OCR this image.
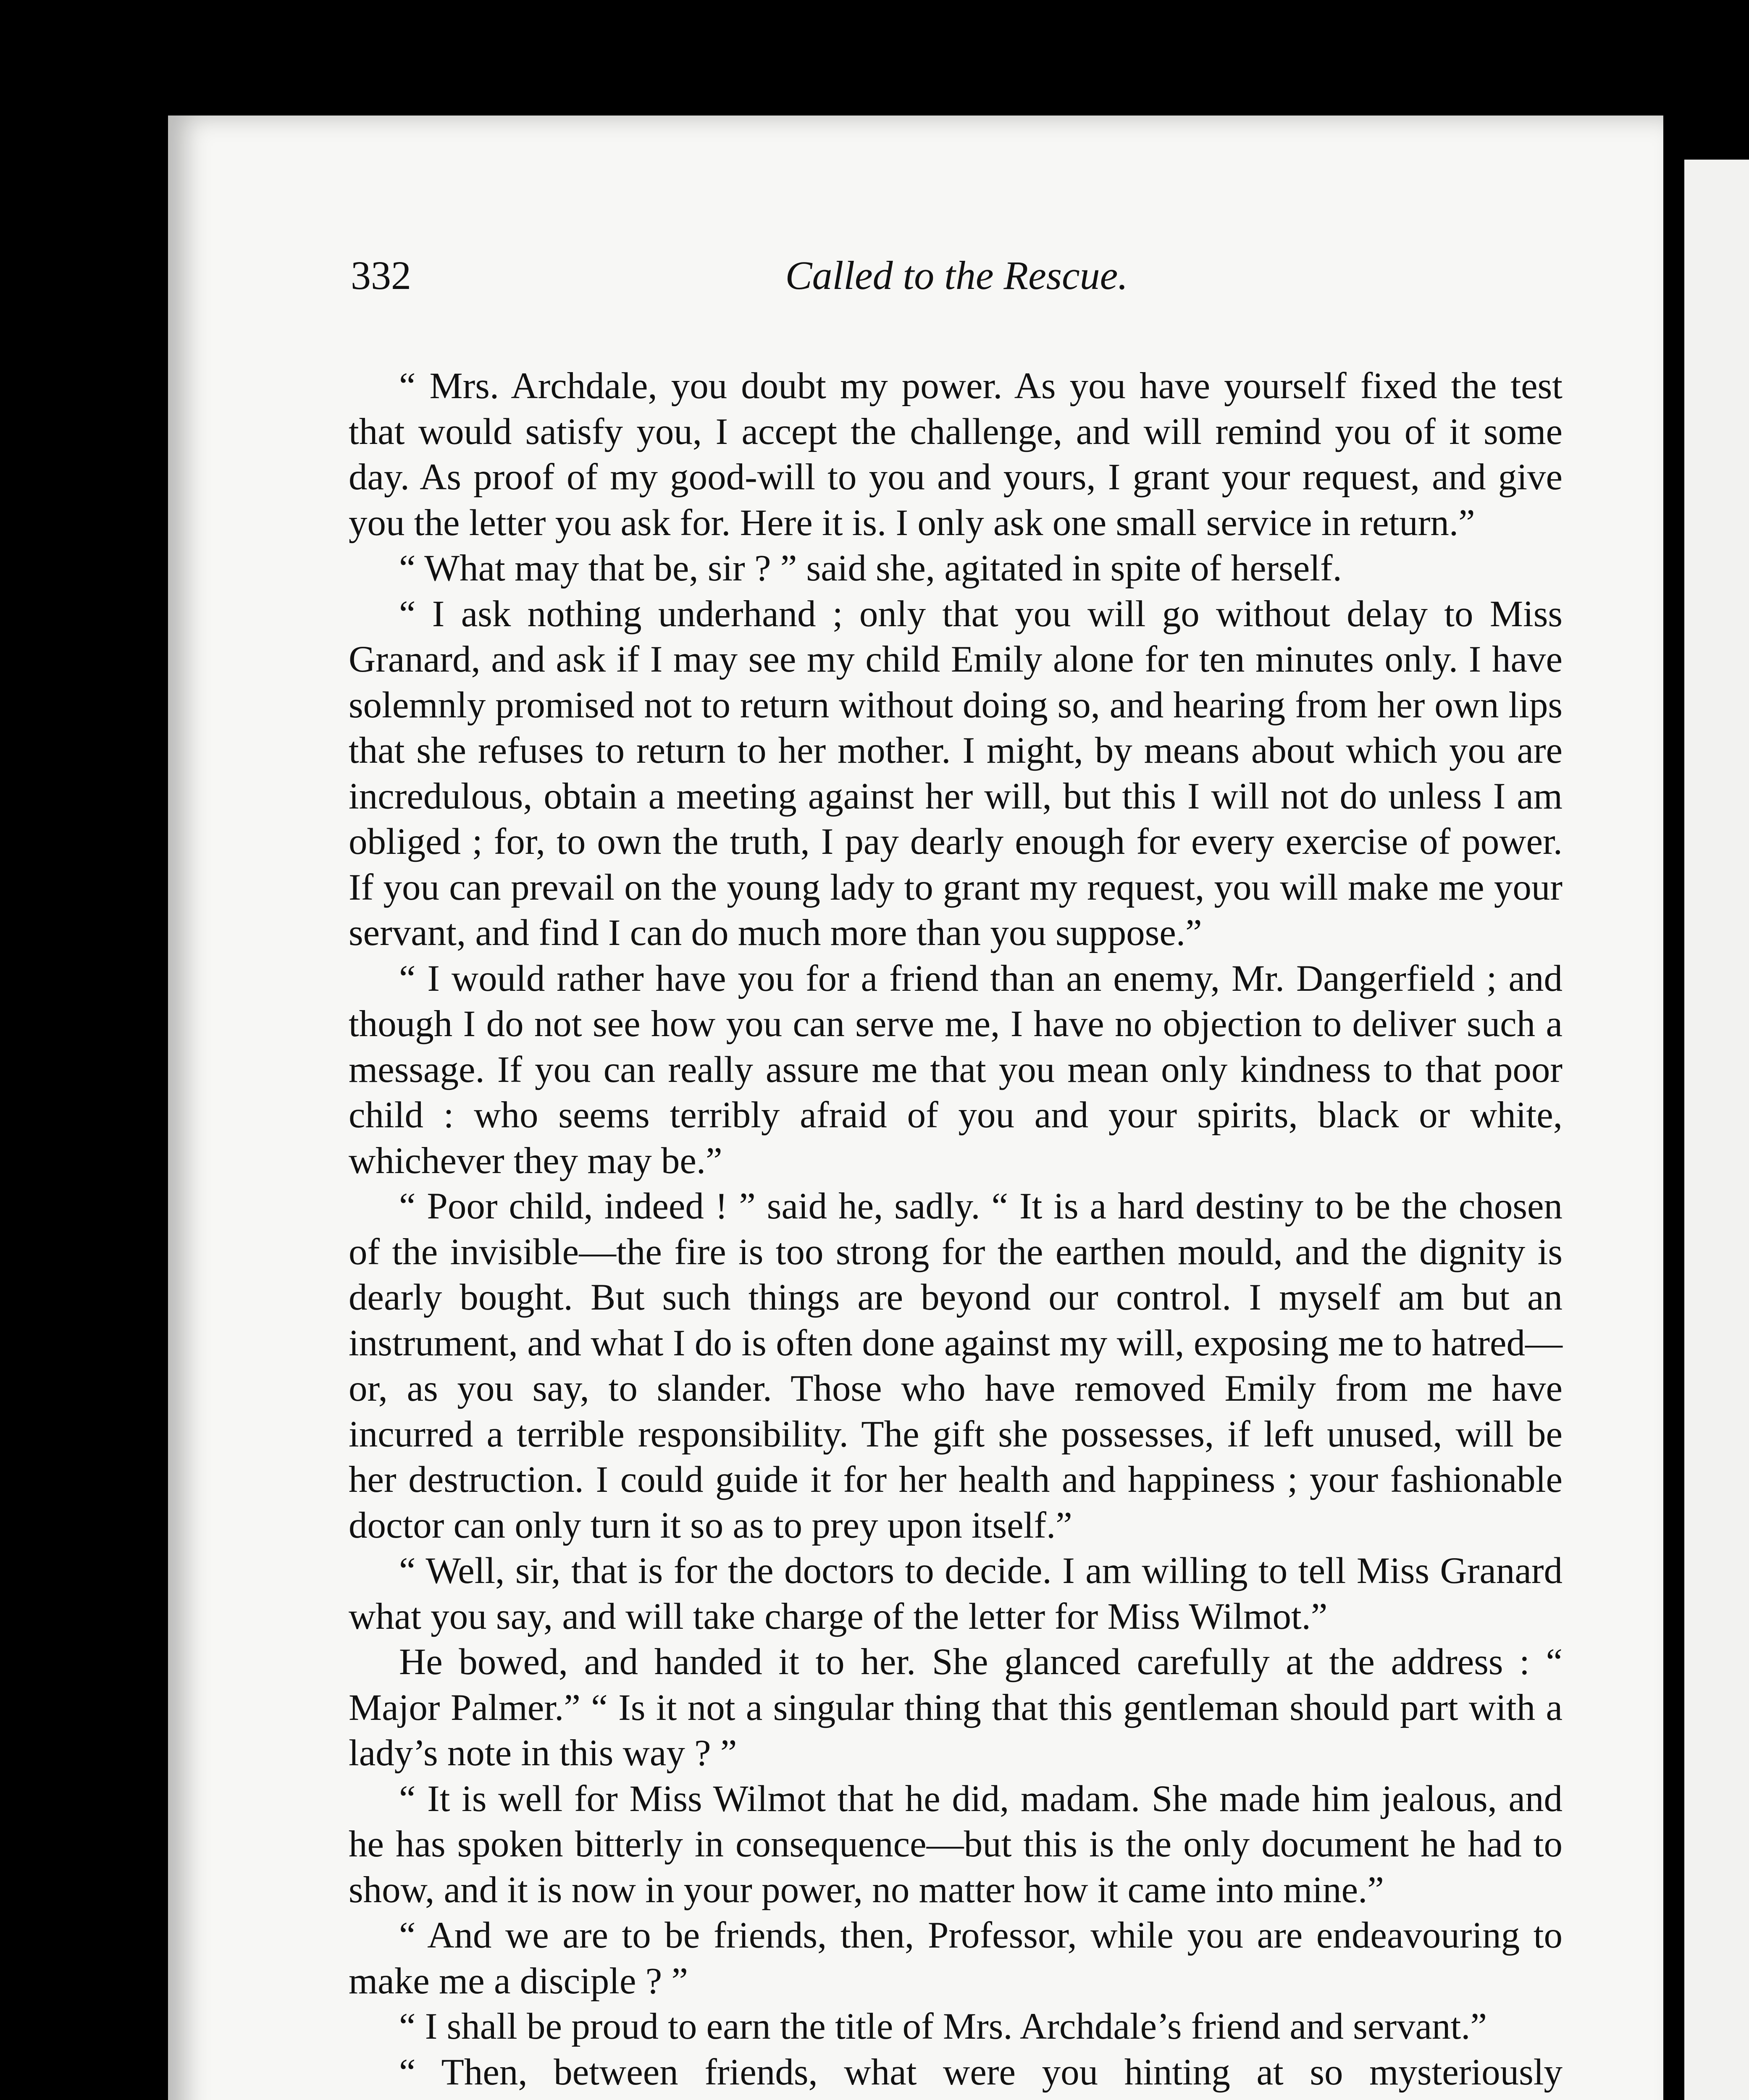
332	Called to the Rescue.

“ Mrs. Archdale, you doubt my power. As you have yourself fixed the test that would satisfy you, I accept the challenge, and will remind you of it some day. As proof of my good-will to you and yours, I grant your request, and give you the letter you ask for. Here it is. I only ask one small service in return.”

“ What may that be, sir ? ” said she, agitated in spite of herself.

“ I ask nothing underhand ; only that you will go without delay to Miss Granard, and ask if I may see my child Emily alone for ten minutes only. I have solemnly promised not to return without doing so, and hearing from her own lips that she refuses to return to her mother. I might, by means about which you are incredulous, obtain a meeting against her will, but this I will not do unless I am obliged ; for, to own the truth, I pay dearly enough for every exercise of power. If you can prevail on the young lady to grant my request, you will make me your servant, and find I can do much more than you suppose.”

“ I would rather have you for a friend than an enemy, Mr. Dangerfield ; and though I do not see how you can serve me, I have no objection to deliver such a message. If you can really assure me that you mean only kindness to that poor child : who seems terribly afraid of you and your spirits, black or white, whichever they may be.”

“ Poor child, indeed ! ” said he, sadly. “ It is a hard destiny to be the chosen of the invisible—the fire is too strong for the earthen mould, and the dignity is dearly bought. But such things are beyond our control. I myself am but an instrument, and what I do is often done against my will, exposing me to hatred—or, as you say, to slander. Those who have removed Emily from me have incurred a terrible responsibility. The gift she possesses, if left unused, will be her destruction. I could guide it for her health and happiness ; your fashionable doctor can only turn it so as to prey upon itself.”

“ Well, sir, that is for the doctors to decide. I am willing to tell Miss Granard what you say, and will take charge of the letter for Miss Wilmot.”

He bowed, and handed it to her. She glanced carefully at the address : “ Major Palmer.” “ Is it not a singular thing that this gentleman should part with a lady’s note in this way ? ”

“ It is well for Miss Wilmot that he did, madam. She made him jealous, and he has spoken bitterly in consequence—but this is the only document he had to show, and it is now in your power, no matter how it came into mine.”

“ And we are to be friends, then, Professor, while you are endeavouring to make me a disciple ? ”

“ I shall be proud to earn the title of Mrs. Archdale’s friend and servant.”

“ Then, between friends, what were you hinting at so mysteriously
